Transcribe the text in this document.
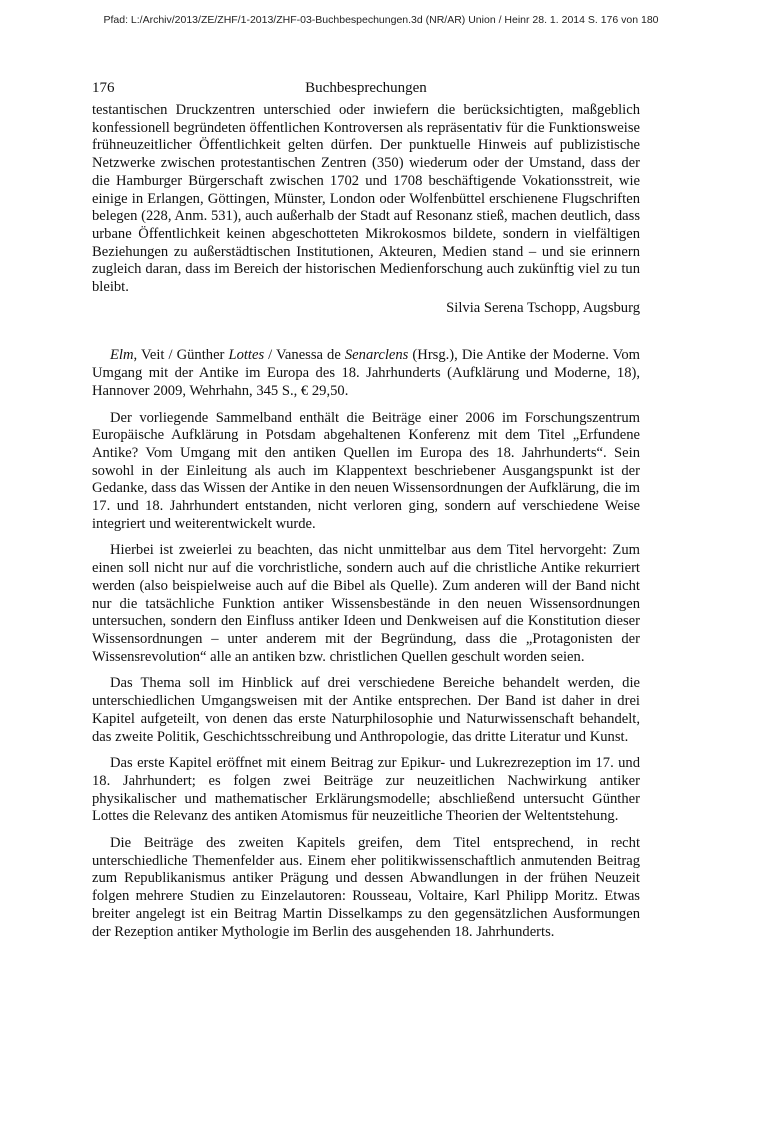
Pfad: L:/Archiv/2013/ZE/ZHF/1-2013/ZHF-03-Buchbespechungen.3d (NR/AR) Union / Heinr 28. 1. 2014 S. 176 von 180
176	Buchbesprechungen

testantischen Druckzentren unterschied oder inwiefern die berücksichtigten, maßgeblich konfessionell begründeten öffentlichen Kontroversen als repräsentativ für die Funktionsweise frühneuzeitlicher Öffentlichkeit gelten dürfen. Der punktuelle Hinweis auf publizistische Netzwerke zwischen protestantischen Zentren (350) wiederum oder der Umstand, dass der die Hamburger Bürgerschaft zwischen 1702 und 1708 beschäftigende Vokationsstreit, wie einige in Erlangen, Göttingen, Münster, London oder Wolfenbüttel erschienene Flugschriften belegen (228, Anm. 531), auch außerhalb der Stadt auf Resonanz stieß, machen deutlich, dass urbane Öffentlichkeit keinen abgeschotteten Mikrokosmos bildete, sondern in vielfältigen Beziehungen zu außerstädtischen Institutionen, Akteuren, Medien stand – und sie erinnern zugleich daran, dass im Bereich der historischen Medienforschung auch zukünftig viel zu tun bleibt.

Silvia Serena Tschopp, Augsburg

Elm, Veit / Günther Lottes / Vanessa de Senarclens (Hrsg.), Die Antike der Moderne. Vom Umgang mit der Antike im Europa des 18. Jahrhunderts (Aufklärung und Moderne, 18), Hannover 2009, Wehrhahn, 345 S., € 29,50.

Der vorliegende Sammelband enthält die Beiträge einer 2006 im Forschungszentrum Europäische Aufklärung in Potsdam abgehaltenen Konferenz mit dem Titel „Erfundene Antike? Vom Umgang mit den antiken Quellen im Europa des 18. Jahrhunderts“. Sein sowohl in der Einleitung als auch im Klappentext beschriebener Ausgangspunkt ist der Gedanke, dass das Wissen der Antike in den neuen Wissensordnungen der Aufklärung, die im 17. und 18. Jahrhundert entstanden, nicht verloren ging, sondern auf verschiedene Weise integriert und weiterentwickelt wurde.

Hierbei ist zweierlei zu beachten, das nicht unmittelbar aus dem Titel hervorgeht: Zum einen soll nicht nur auf die vorchristliche, sondern auch auf die christliche Antike rekurriert werden (also beispielweise auch auf die Bibel als Quelle). Zum anderen will der Band nicht nur die tatsächliche Funktion antiker Wissensbestände in den neuen Wissensordnungen untersuchen, sondern den Einfluss antiker Ideen und Denkweisen auf die Konstitution dieser Wissensordnungen – unter anderem mit der Begründung, dass die „Protagonisten der Wissensrevolution“ alle an antiken bzw. christlichen Quellen geschult worden seien.

Das Thema soll im Hinblick auf drei verschiedene Bereiche behandelt werden, die unterschiedlichen Umgangsweisen mit der Antike entsprechen. Der Band ist daher in drei Kapitel aufgeteilt, von denen das erste Naturphilosophie und Naturwissenschaft behandelt, das zweite Politik, Geschichtsschreibung und Anthropologie, das dritte Literatur und Kunst.

Das erste Kapitel eröffnet mit einem Beitrag zur Epikur- und Lukrezrezeption im 17. und 18. Jahrhundert; es folgen zwei Beiträge zur neuzeitlichen Nachwirkung antiker physikalischer und mathematischer Erklärungsmodelle; abschließend untersucht Günther Lottes die Relevanz des antiken Atomismus für neuzeitliche Theorien der Weltentstehung.

Die Beiträge des zweiten Kapitels greifen, dem Titel entsprechend, in recht unterschiedliche Themenfelder aus. Einem eher politikwissenschaftlich anmutenden Beitrag zum Republikanismus antiker Prägung und dessen Abwandlungen in der frühen Neuzeit folgen mehrere Studien zu Einzelautoren: Rousseau, Voltaire, Karl Philipp Moritz. Etwas breiter angelegt ist ein Beitrag Martin Disselkamps zu den gegensätzlichen Ausformungen der Rezeption antiker Mythologie im Berlin des ausgehenden 18. Jahrhunderts.
